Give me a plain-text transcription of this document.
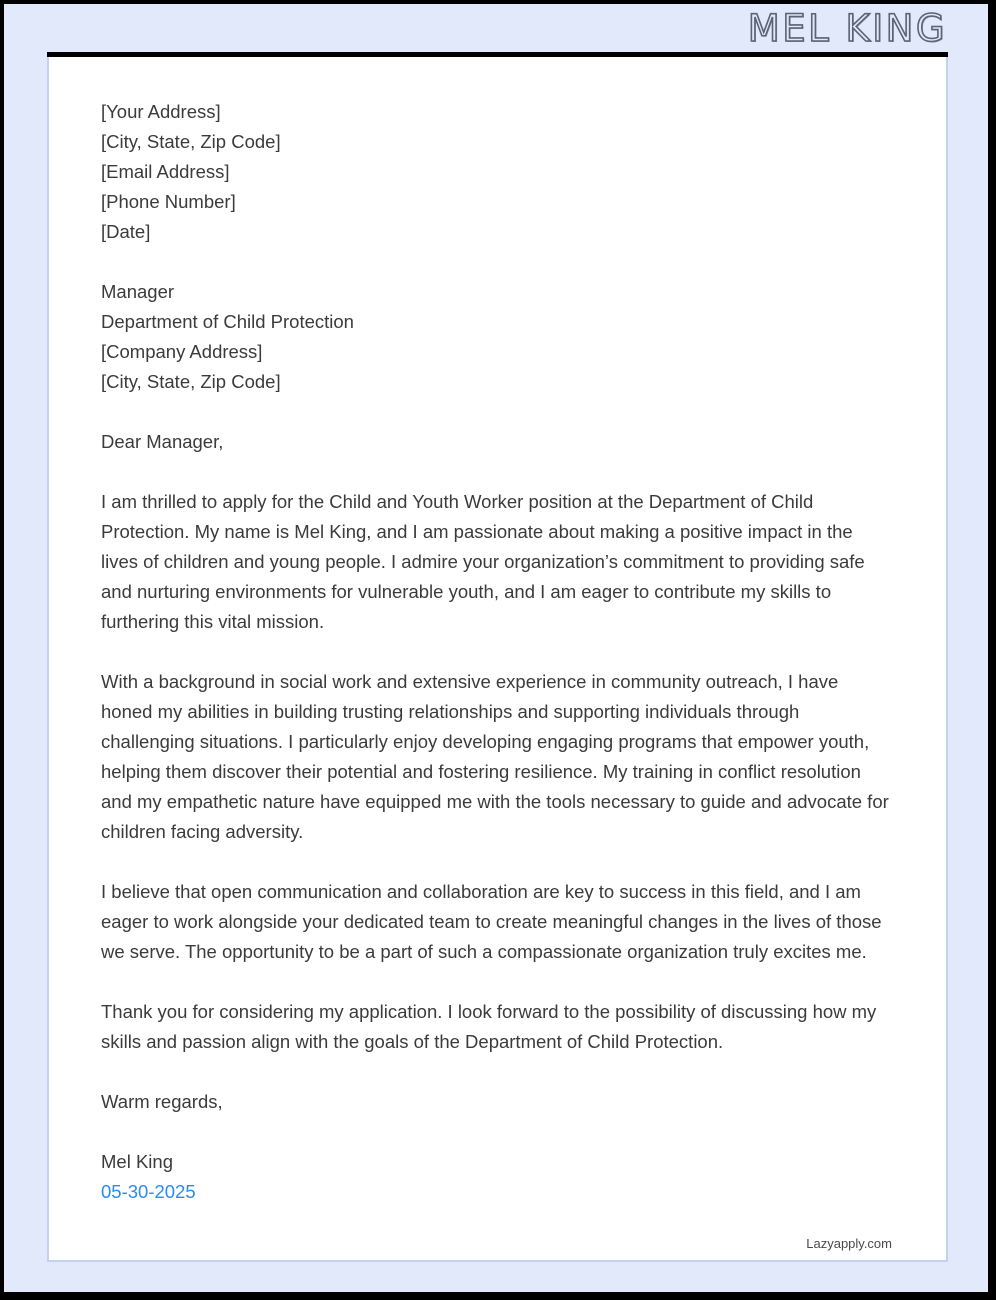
MEL KING
[Your Address]
[City, State, Zip Code]
[Email Address]
[Phone Number]
[Date]
Manager
Department of Child Protection
[Company Address]
[City, State, Zip Code]

Dear Manager,

I am thrilled to apply for the Child and Youth Worker position at the Department of Child Protection. My name is Mel King, and I am passionate about making a positive impact in the lives of children and young people. I admire your organization’s commitment to providing safe and nurturing environments for vulnerable youth, and I am eager to contribute my skills to furthering this vital mission.

With a background in social work and extensive experience in community outreach, I have honed my abilities in building trusting relationships and supporting individuals through challenging situations. I particularly enjoy developing engaging programs that empower youth, helping them discover their potential and fostering resilience. My training in conflict resolution and my empathetic nature have equipped me with the tools necessary to guide and advocate for children facing adversity.

I believe that open communication and collaboration are key to success in this field, and I am eager to work alongside your dedicated team to create meaningful changes in the lives of those we serve. The opportunity to be a part of such a compassionate organization truly excites me.

Thank you for considering my application. I look forward to the possibility of discussing how my skills and passion align with the goals of the Department of Child Protection.

Warm regards,

Mel King

05-30-2025

Lazyapply.com
